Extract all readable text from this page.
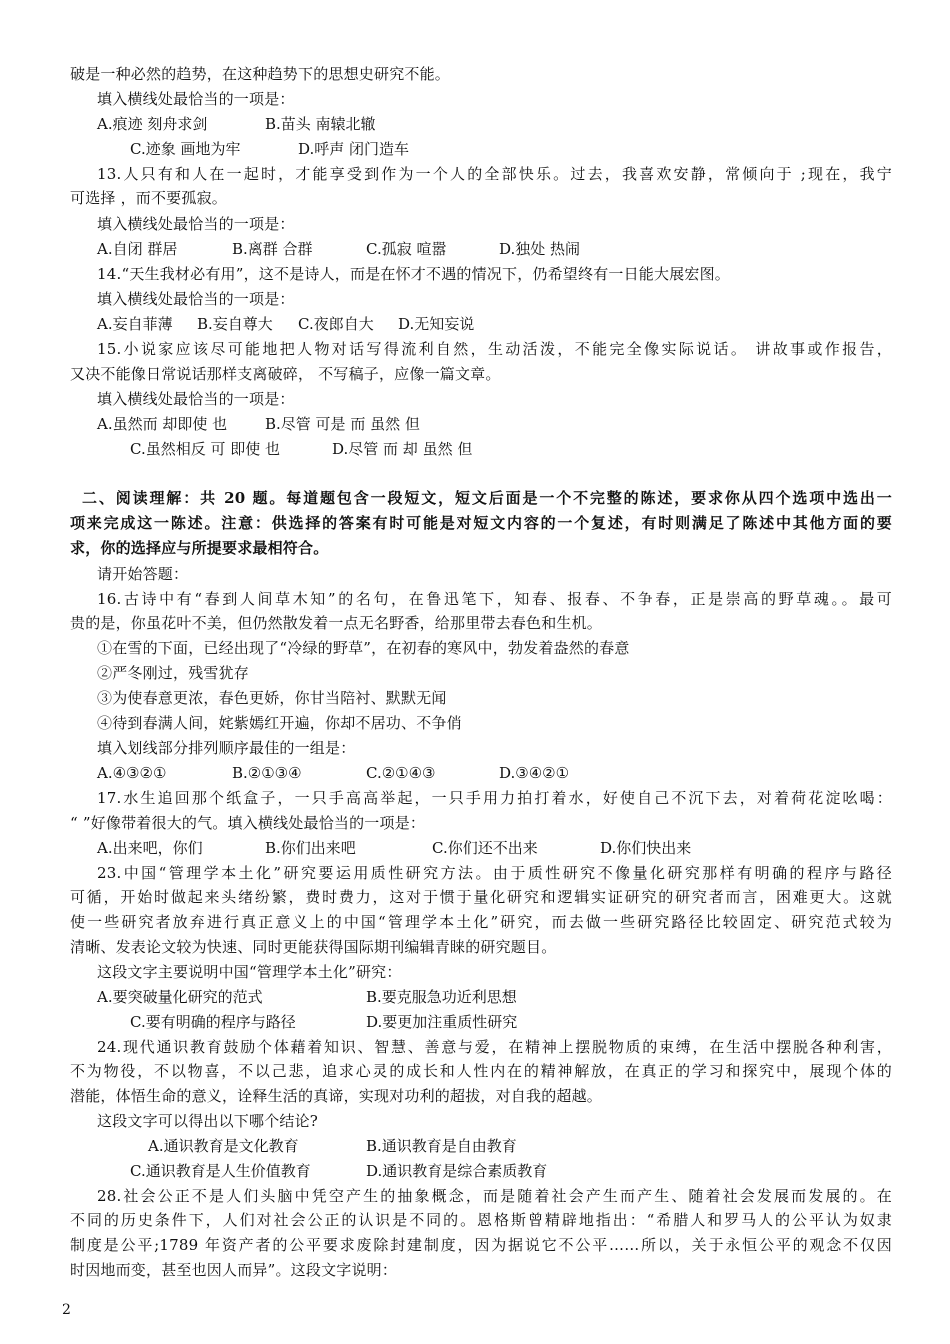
破是一种必然的趋势，在这种趋势下的思想史研究不能。
填入横线处最恰当的一项是：
A.痕迹 刻舟求剑	B.苗头 南辕北辙
C.迹象 画地为牢	D.呼声 闭门造车
13.人只有和人在一起时，才能享受到作为一个人的全部快乐。过去，我喜欢安静，常倾向于 ;现在，我宁
可选择 ，而不要孤寂。
填入横线处最恰当的一项是：
A.自闭 群居	B.离群 合群	C.孤寂 喧嚣	D.独处 热闹
14.“天生我材必有用”，这不是诗人，而是在怀才不遇的情况下，仍希望终有一日能大展宏图。
填入横线处最恰当的一项是：
A.妄自菲薄 B.妄自尊大 C.夜郎自大 D.无知妄说
15.小说家应该尽可能地把人物对话写得流利自然，生动活泼，不能完全像实际说话。 讲故事或作报告，
又决不能像日常说话那样支离破碎， 不写稿子，应像一篇文章。
填入横线处最恰当的一项是：
A.虽然而 却即使 也	B.尽管 可是 而 虽然 但
C.虽然相反 可 即使 也	D.尽管 而 却 虽然 但
二、阅读理解：共 20 题。每道题包含一段短文，短文后面是一个不完整的陈述，要求你从四个选项中选出一
项来完成这一陈述。注意：供选择的答案有时可能是对短文内容的一个复述，有时则满足了陈述中其他方面的要
求，你的选择应与所提要求最相符合。
请开始答题：
16.古诗中有“春到人间草木知”的名句，在鲁迅笔下，知春、报春、不争春，正是崇高的野草魂。。最可
贵的是，你虽花叶不美，但仍然散发着一点无名野香，给那里带去春色和生机。
①在雪的下面，已经出现了“冷绿的野草”，在初春的寒风中，勃发着盎然的春意
②严冬刚过，残雪犹存
③为使春意更浓，春色更娇，你甘当陪衬、默默无闻
④待到春满人间，姹紫嫣红开遍，你却不居功、不争俏
填入划线部分排列顺序最佳的一组是：
A.④③②①	B.②①③④	C.②①④③	D.③④②①
17.水生追回那个纸盒子，一只手高高举起，一只手用力拍打着水，好使自己不沉下去，对着荷花淀吆喝：
“ ”好像带着很大的气。填入横线处最恰当的一项是：
A.出来吧，你们	B.你们出来吧	C.你们还不出来	D.你们快出来
23.中国“管理学本土化”研究要运用质性研究方法。由于质性研究不像量化研究那样有明确的程序与路径
可循，开始时做起来头绪纷繁，费时费力，这对于惯于量化研究和逻辑实证研究的研究者而言，困难更大。这就
使一些研究者放弃进行真正意义上的中国“管理学本土化”研究，而去做一些研究路径比较固定、研究范式较为
清晰、发表论文较为快速、同时更能获得国际期刊编辑青睐的研究题目。
这段文字主要说明中国“管理学本土化”研究：
A.要突破量化研究的范式	B.要克服急功近利思想
C.要有明确的程序与路径	D.要更加注重质性研究
24.现代通识教育鼓励个体藉着知识、智慧、善意与爱，在精神上摆脱物质的束缚，在生活中摆脱各种利害，
不为物役，不以物喜，不以己悲，追求心灵的成长和人性内在的精神解放，在真正的学习和探究中，展现个体的
潜能，体悟生命的意义，诠释生活的真谛，实现对功利的超拔，对自我的超越。
这段文字可以得出以下哪个结论?
A.通识教育是文化教育	B.通识教育是自由教育
C.通识教育是人生价值教育	D.通识教育是综合素质教育
28.社会公正不是人们头脑中凭空产生的抽象概念，而是随着社会产生而产生、随着社会发展而发展的。在
不同的历史条件下，人们对社会公正的认识是不同的。恩格斯曾精辟地指出：“希腊人和罗马人的公平认为奴隶
制度是公平;1789 年资产者的公平要求废除封建制度，因为据说它不公平……所以，关于永恒公平的观念不仅因
时因地而变，甚至也因人而异”。这段文字说明：
2
